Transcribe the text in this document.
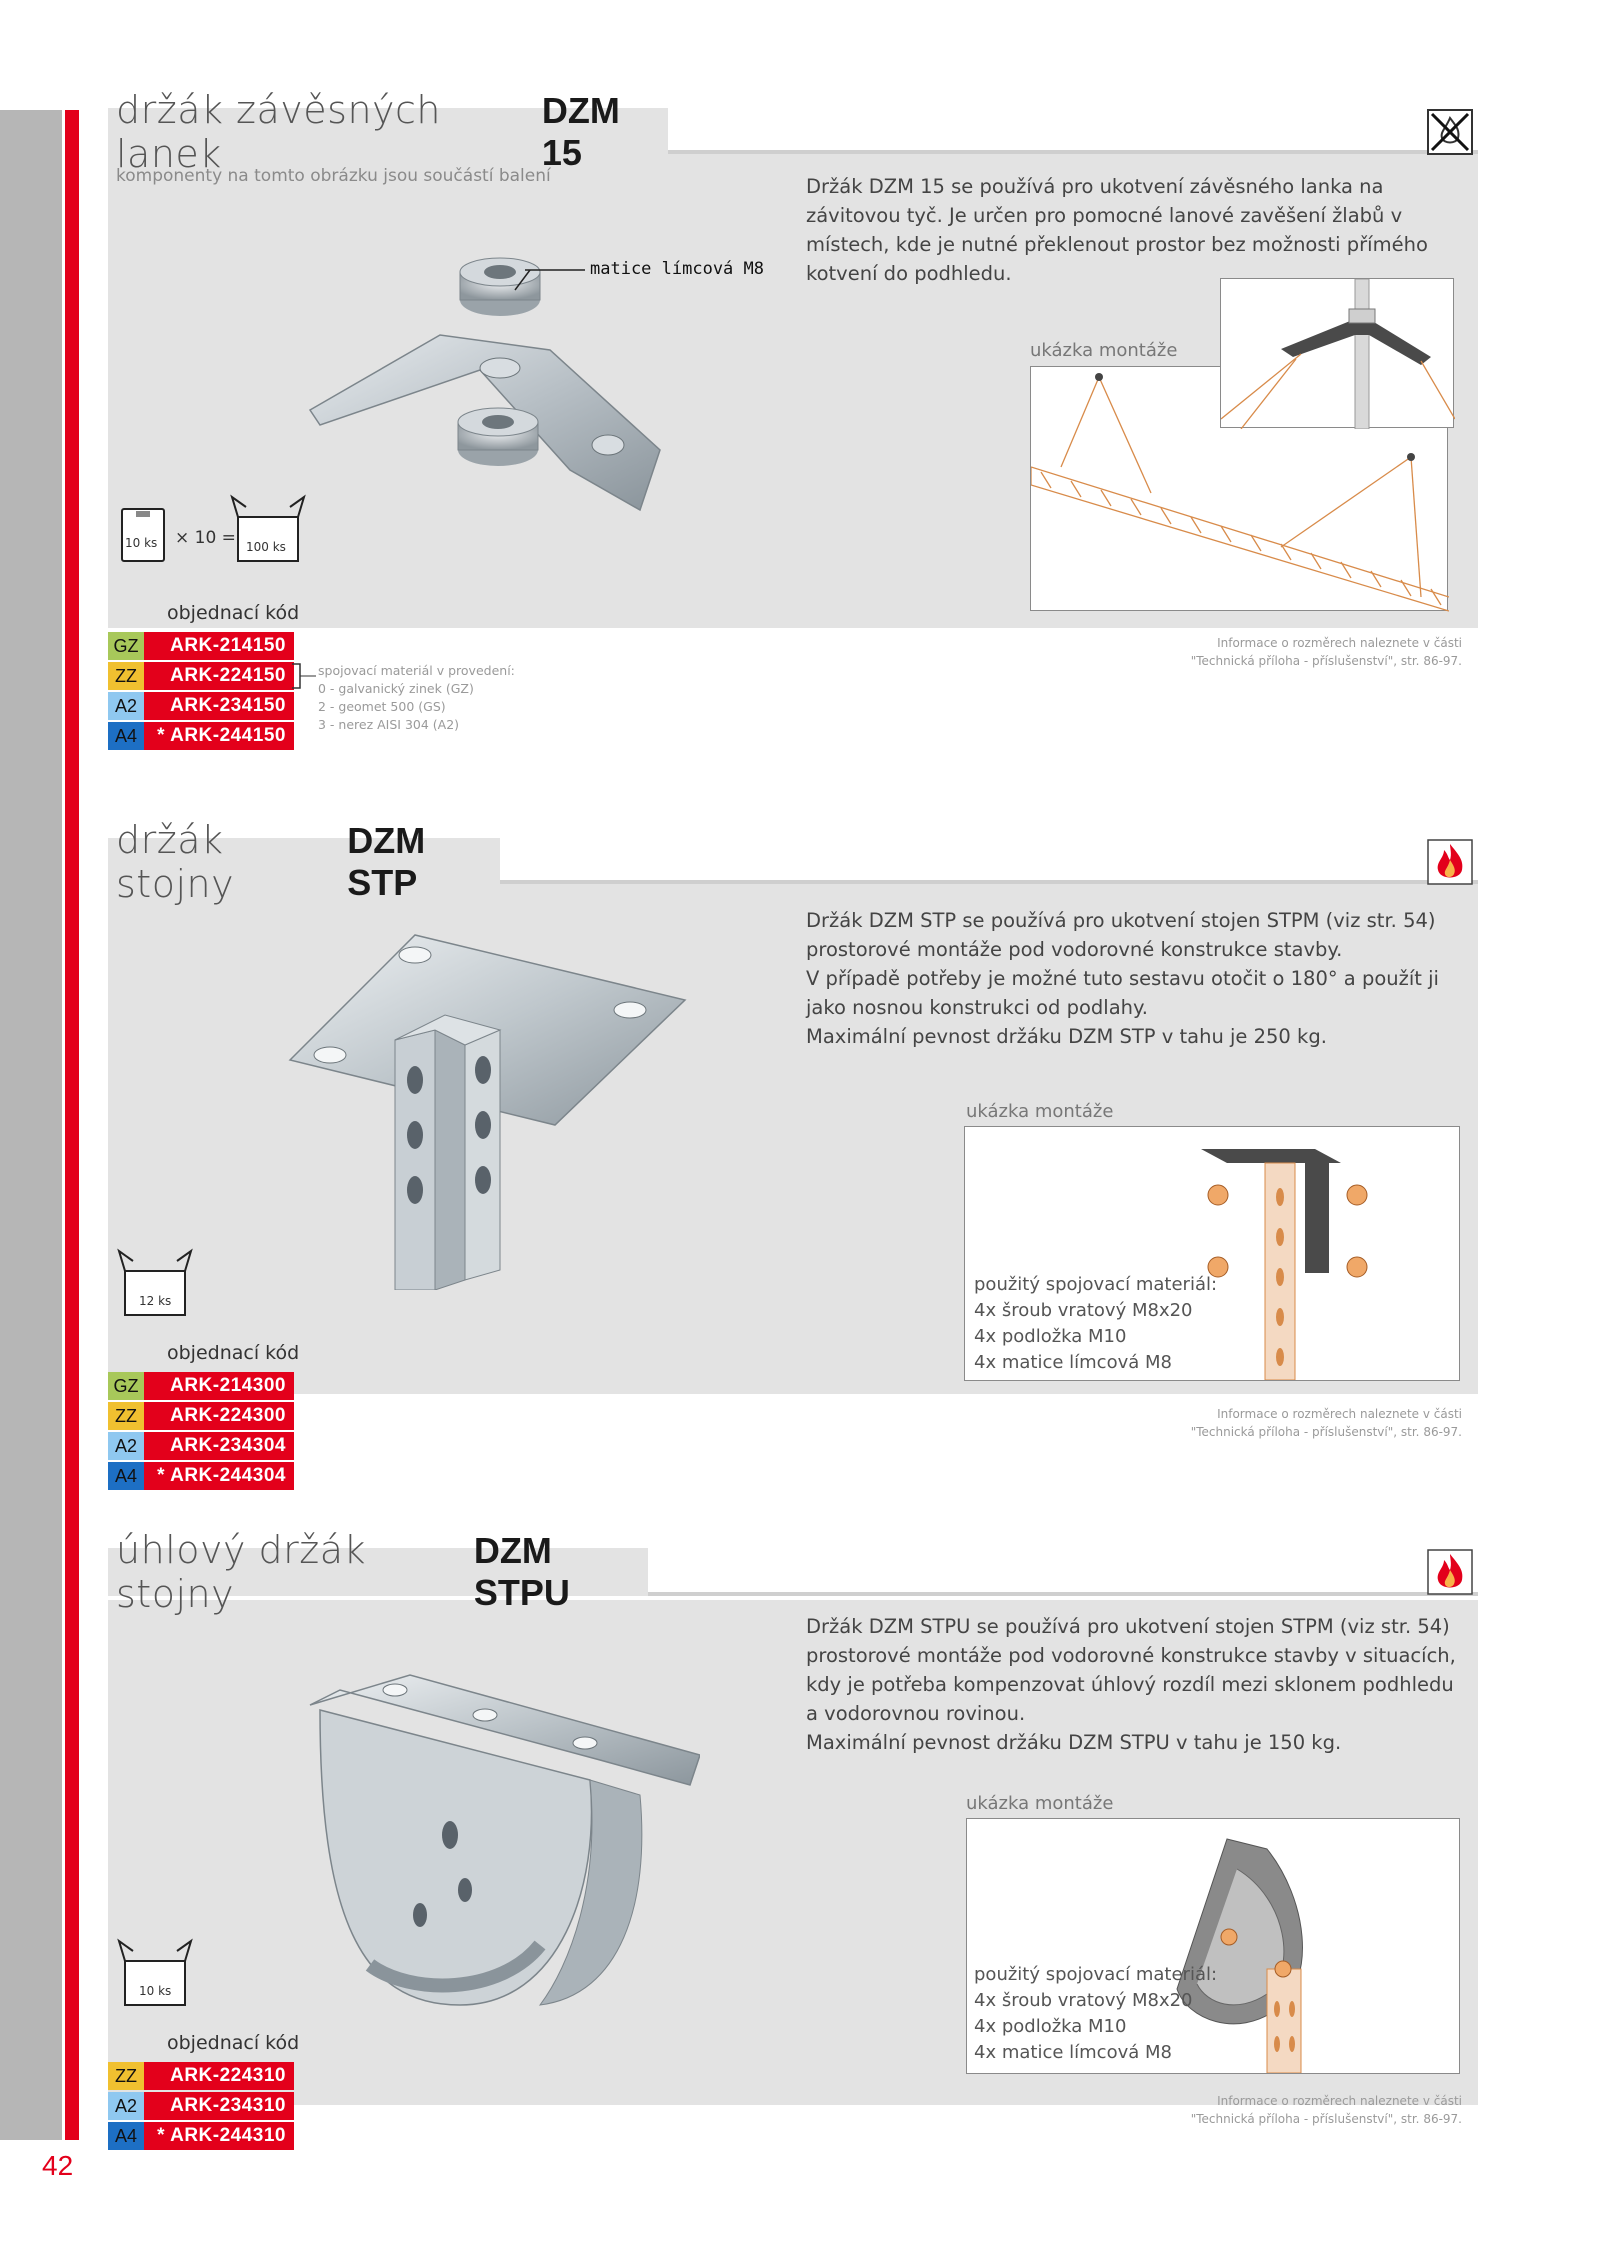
42
držák závěsných lanek
DZM 15
komponenty na tomto obrázku jsou součástí balení
matice límcová M8
Držák DZM 15 se používá pro ukotvení závěsného lanka na závitovou tyč. Je určen pro pomocné lanové zavěšení žlabů v místech, kde je nutné překlenout prostor bez možnosti přímého kotvení do podhledu.
ukázka montáže
10 ks × 10 = 100 ks
objednací kód
GZ	ARK-214150
ZZ	ARK-224150
A2	ARK-234150
A4	* ARK-244150
spojovací materiál v provedení:
0 - galvanický zinek (GZ)
2 - geomet 500 (GS)
3 - nerez AISI 304 (A2)
Informace o rozměrech naleznete v části
"Technická příloha - příslušenství", str. 86-97.
držák stojny
DZM STP
Držák DZM STP se používá pro ukotvení stojen STPM (viz str. 54)
prostorové montáže pod vodorovné konstrukce stavby.
V případě potřeby je možné tuto sestavu otočit o 180° a použít ji
jako nosnou konstrukci od podlahy.
Maximální pevnost držáku DZM STP v tahu je 250 kg.
ukázka montáže
použitý spojovací materiál:
4x šroub vratový M8x20
4x podložka M10
4x matice límcová M8
12 ks
objednací kód
GZ	ARK-214300
ZZ	ARK-224300
A2	ARK-234304
A4	* ARK-244304
Informace o rozměrech naleznete v části
"Technická příloha - příslušenství", str. 86-97.
úhlový držák stojny
DZM STPU
Držák DZM STPU se používá pro ukotvení stojen STPM (viz str. 54)
prostorové montáže pod vodorovné konstrukce stavby v situacích,
kdy je potřeba kompenzovat úhlový rozdíl mezi sklonem podhledu
a vodorovnou rovinou.
Maximální pevnost držáku DZM STPU v tahu je 150 kg.
ukázka montáže
použitý spojovací materiál:
4x šroub vratový M8x20
4x podložka M10
4x matice límcová M8
10 ks
objednací kód
ZZ	ARK-224310
A2	ARK-234310
A4	* ARK-244310
Informace o rozměrech naleznete v části
"Technická příloha - příslušenství", str. 86-97.
